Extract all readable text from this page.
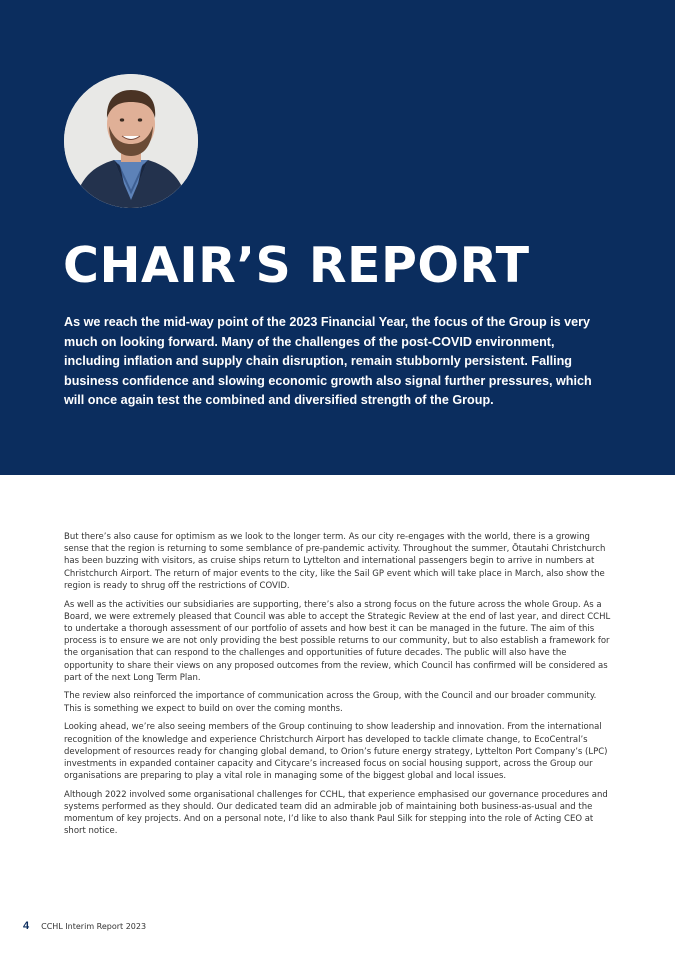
CHAIR’S REPORT

As we reach the mid-way point of the 2023 Financial Year, the focus of the Group is very much on looking forward. Many of the challenges of the post-COVID environment, including inflation and supply chain disruption, remain stubbornly persistent. Falling business confidence and slowing economic growth also signal further pressures, which will once again test the combined and diversified strength of the Group.

But there’s also cause for optimism as we look to the longer term. As our city re-engages with the world, there is a growing sense that the region is returning to some semblance of pre-pandemic activity. Throughout the summer, Ōtautahi Christchurch has been buzzing with visitors, as cruise ships return to Lyttelton and international passengers begin to arrive in numbers at Christchurch Airport. The return of major events to the city, like the Sail GP event which will take place in March, also show the region is ready to shrug off the restrictions of COVID.

As well as the activities our subsidiaries are supporting, there’s also a strong focus on the future across the whole Group. As a Board, we were extremely pleased that Council was able to accept the Strategic Review at the end of last year, and direct CCHL to undertake a thorough assessment of our portfolio of assets and how best it can be managed in the future. The aim of this process is to ensure we are not only providing the best possible returns to our community, but to also establish a framework for the organisation that can respond to the challenges and opportunities of future decades. The public will also have the opportunity to share their views on any proposed outcomes from the review, which Council has confirmed will be considered as part of the next Long Term Plan.

The review also reinforced the importance of communication across the Group, with the Council and our broader community. This is something we expect to build on over the coming months.

Looking ahead, we’re also seeing members of the Group continuing to show leadership and innovation. From the international recognition of the knowledge and experience Christchurch Airport has developed to tackle climate change, to EcoCentral’s development of resources ready for changing global demand, to Orion’s future energy strategy, Lyttelton Port Company’s (LPC) investments in expanded container capacity and Citycare’s increased focus on social housing support, across the Group our organisations are preparing to play a vital role in managing some of the biggest global and local issues.

Although 2022 involved some organisational challenges for CCHL, that experience emphasised our governance procedures and systems performed as they should. Our dedicated team did an admirable job of maintaining both business-as-usual and the momentum of key projects. And on a personal note, I’d like to also thank Paul Silk for stepping into the role of Acting CEO at short notice.

4 CCHL Interim Report 2023
